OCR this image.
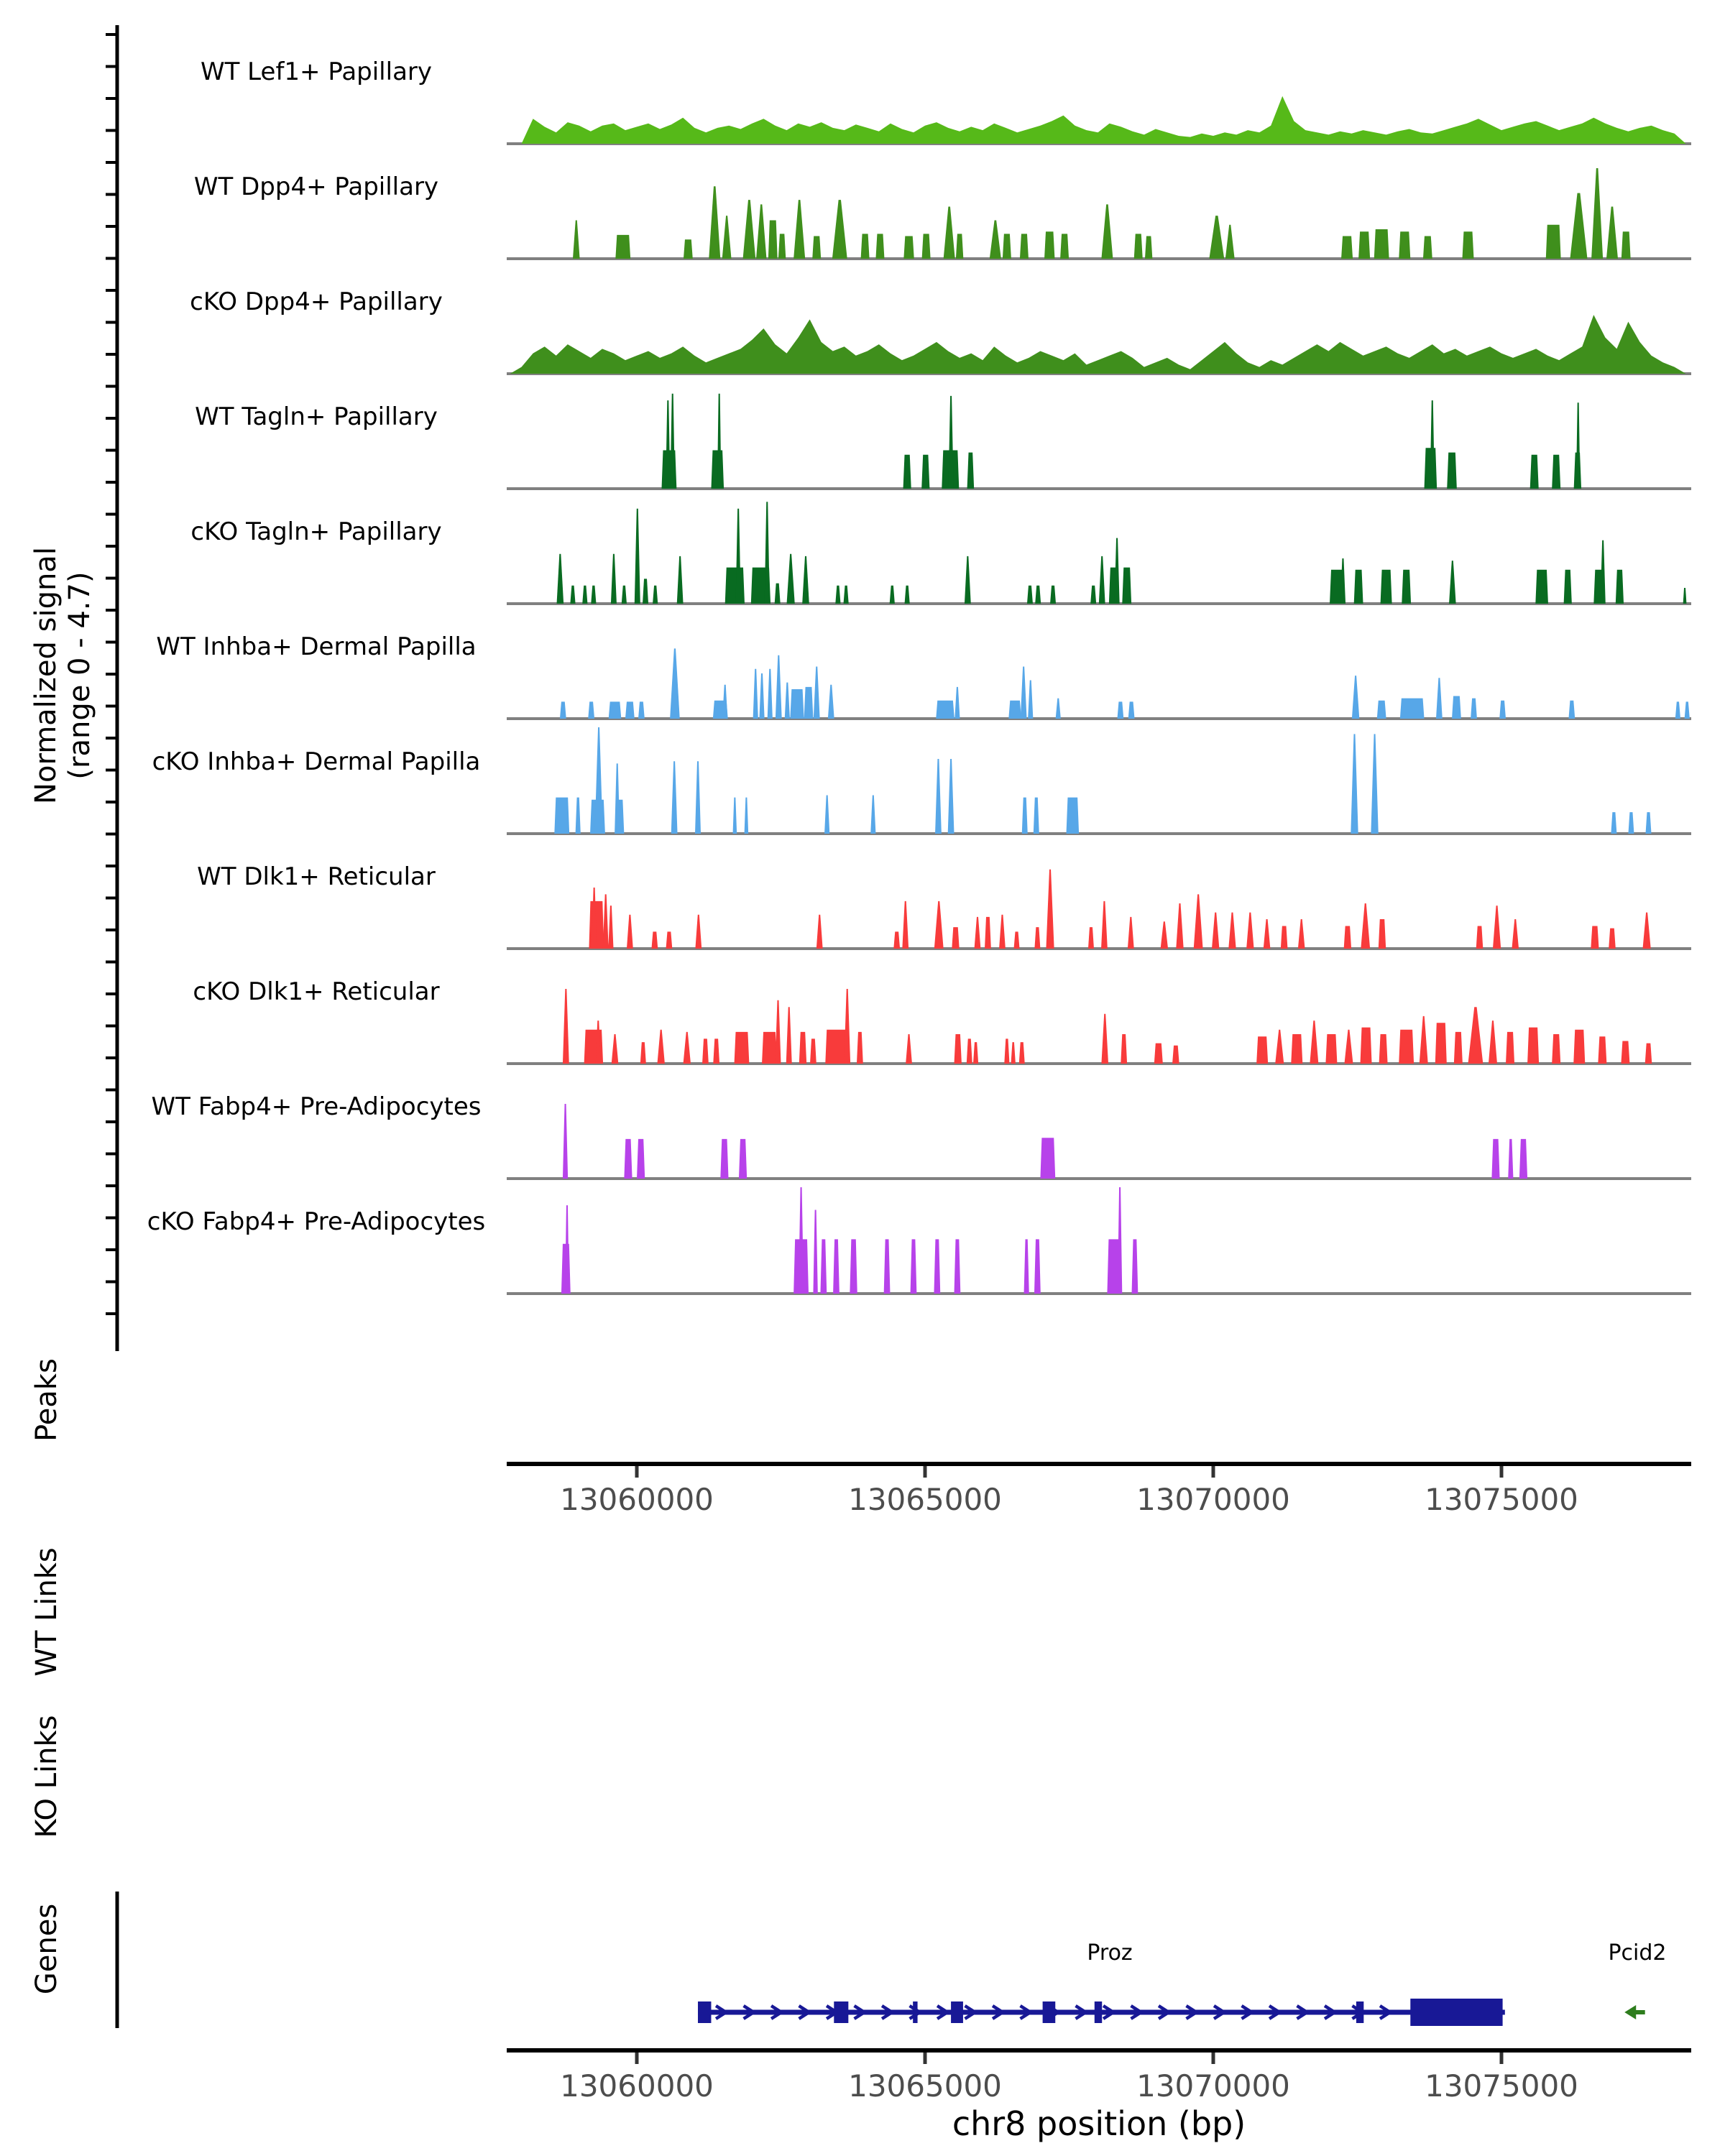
Normalized signal (range 0 - 4.7)
Peaks
WT Links
KO Links
Genes	Proz	Pcid2
chr8 position (bp)
WT Lef1+ Papillary
WT Dpp4+ Papillary
cKO Dpp4+ Papillary
WT Tagln+ Papillary
cKO Tagln+ Papillary
WT Inhba+ Dermal Papilla
cKO Inhba+ Dermal Papilla
WT Dlk1+ Reticular
cKO Dlk1+ Reticular
WT Fabp4+ Pre-Adipocytes
cKO Fabp4+ Pre-Adipocytes
13060000	13065000	13070000	13075000
13060000	13065000	13070000	13075000
